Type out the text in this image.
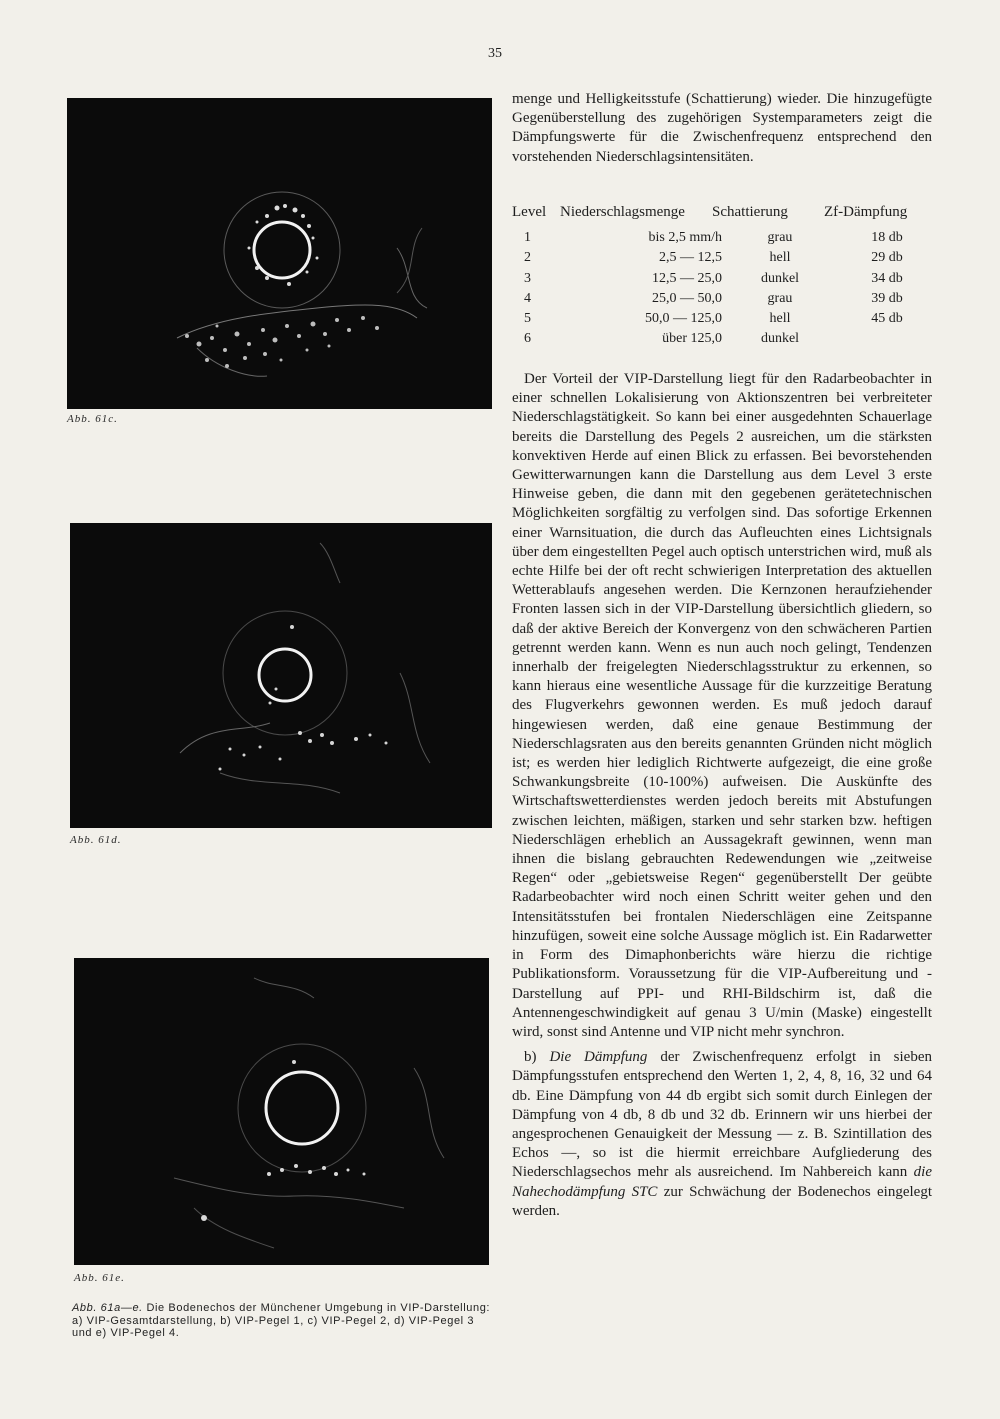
35
Abb. 61c.
Abb. 61d.
Abb. 61e.
Abb. 61a—e. Die Bodenechos der Münchener Umgebung in VIP-Darstellung: a) VIP-Gesamtdarstellung, b) VIP-Pegel 1, c) VIP-Pegel 2, d) VIP-Pegel 3 und e) VIP-Pegel 4.

menge und Helligkeitsstufe (Schattierung) wieder. Die hinzugefügte Gegenüberstellung des zugehörigen Systemparameters zeigt die Dämpfungswerte für die Zwischenfrequenz entsprechend den vorstehenden Niederschlagsintensitäten.

Level Niederschlagsmenge	Schattierung	Zf-Dämpfung
1	bis 2,5 mm/h	grau	18 db
2	2,5 — 12,5	hell	29 db
3	12,5 — 25,0	dunkel	34 db
4	25,0 — 50,0	grau	39 db
5	50,0 — 125,0	hell	45 db
6	über 125,0	dunkel

Der Vorteil der VIP-Darstellung liegt für den Radarbeobachter in einer schnellen Lokalisierung von Aktionszentren bei verbreiteter Niederschlagstätigkeit. So kann bei einer ausgedehnten Schauerlage bereits die Darstellung des Pegels 2 ausreichen, um die stärksten konvektiven Herde auf einen Blick zu erfassen. Bei bevorstehenden Gewitterwarnungen kann die Darstellung aus dem Level 3 erste Hinweise geben, die dann mit den gegebenen gerätetechnischen Möglichkeiten sorgfältig zu verfolgen sind. Das sofortige Erkennen einer Warnsituation, die durch das Aufleuchten eines Lichtsignals über dem eingestellten Pegel auch optisch unterstrichen wird, muß als echte Hilfe bei der oft recht schwierigen Interpretation des aktuellen Wetterablaufs angesehen werden. Die Kernzonen heraufziehender Fronten lassen sich in der VIP-Darstellung übersichtlich gliedern, so daß der aktive Bereich der Konvergenz von den schwächeren Partien getrennt werden kann. Wenn es nun auch noch gelingt, Tendenzen innerhalb der freigelegten Niederschlagsstruktur zu erkennen, so kann hieraus eine wesentliche Aussage für die kurzzeitige Beratung des Flugverkehrs gewonnen werden. Es muß jedoch darauf hingewiesen werden, daß eine genaue Bestimmung der Niederschlagsraten aus den bereits genannten Gründen nicht möglich ist; es werden hier lediglich Richtwerte aufgezeigt, die eine große Schwankungsbreite (10-100%) aufweisen. Die Auskünfte des Wirtschaftswetterdienstes werden jedoch bereits mit Abstufungen zwischen leichten, mäßigen, starken und sehr starken bzw. heftigen Niederschlägen erheblich an Aussagekraft gewinnen, wenn man ihnen die bislang gebrauchten Redewendungen wie „zeitweise Regen“ oder „gebietsweise Regen“ gegenüberstellt Der geübte Radarbeobachter wird noch einen Schritt weiter gehen und den Intensitätsstufen bei frontalen Niederschlägen eine Zeitspanne hinzufügen, soweit eine solche Aussage möglich ist. Ein Radarwetter in Form des Dimaphonberichts wäre hierzu die richtige Publikationsform. Voraussetzung für die VIP-Aufbereitung und -Darstellung auf PPI- und RHI-Bildschirm ist, daß die Antennengeschwindigkeit auf genau 3 U/min (Maske) eingestellt wird, sonst sind Antenne und VIP nicht mehr synchron.

b) Die Dämpfung der Zwischenfrequenz erfolgt in sieben Dämpfungsstufen entsprechend den Werten 1, 2, 4, 8, 16, 32 und 64 db. Eine Dämpfung von 44 db ergibt sich somit durch Einlegen der Dämpfung von 4 db, 8 db und 32 db. Erinnern wir uns hierbei der angesprochenen Genauigkeit der Messung — z. B. Szintillation des Echos —, so ist die hiermit erreichbare Aufgliederung des Niederschlagsechos mehr als ausreichend. Im Nahbereich kann die Nahechodämpfung STC zur Schwächung der Bodenechos eingelegt werden.
